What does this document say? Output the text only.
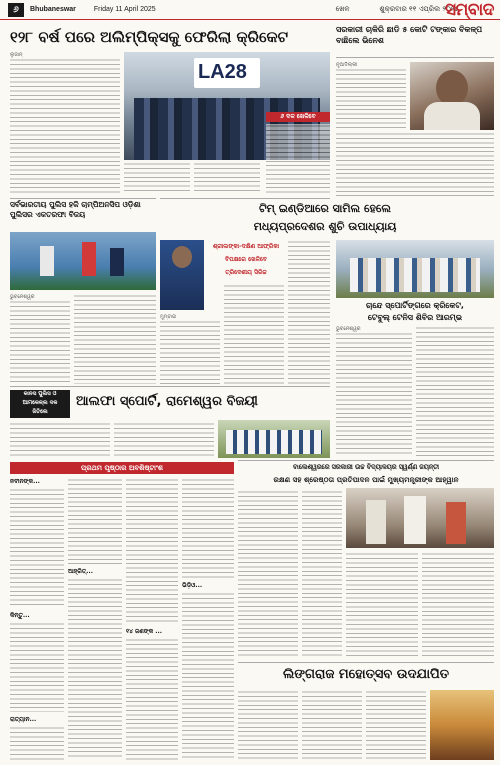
୬	Bhubaneswar	Friday 11 April 2025	ଖେଳ	ଶୁକ୍ରବାର ୧୧ ଏପ୍ରିଲ ୨୦୨୫
ସମ୍ବାଦ
୧୨୮ ବର୍ଷ ପରେ ଅଲିମ୍ପିକ୍ସକୁ ଫେରିଲା କ୍ରିକେଟ
ଲୁଜାନ୍
LA28
୬ ଦଳ ଖେଳିବେ
ସରକାରୀ ଚାକିରି ଛାଡି ୫ କୋଟି ଟଙ୍କାର ବିକଳ୍ପ ବାଛିଲେ ଭିନେଶ
ନୂଆଦିଲ୍ଲୀ
ସର୍ବଭାରତୀୟ ପୁଲିସ ହକି ଚାମ୍ପିଅନସିପ ଓଡ଼ିଶା ପୁଲିସର ଏକତରଫା ବିଜୟ
ଭୁବନେଶ୍ୱର
ଟିମ୍ ଇଣ୍ଡିଆରେ ସାମିଲ ହେଲେ
ମଧ୍ୟପ୍ରଦେଶର ଶୁଚି ଉପାଧ୍ୟାୟ
ଶ୍ରୀଲଙ୍କା-ଦକ୍ଷିଣ ଆଫ୍ରିକା
ବିପକ୍ଷରେ ଖେଳିବେ
ତ୍ରିଦେଶୀୟ ସିରିଜ
ମୁମ୍ବାଇ
ଚାନ୍ଦେ ସ୍ପୋର୍ଟିଙ୍ଗରେ କ୍ରିକେଟ,
ଟେବୁଲ୍ ଟେନିସ ଶିବିର ଆରମ୍ଭ
ଭୁବନେଶ୍ୱର
କାନସ ପୁଲିସ ଓ
ଆମକେଳ୍ଲ ଦଳ
ଜିତିଲେ
ଆଲଫା ସ୍ପୋର୍ଟି, ରାମେଶ୍ୱର ବିଜୟୀ
ପ୍ରଥମ ପୃଷ୍ଠାର ଅବଶିଷ୍ଟାଂଶ
ନବୀନଙ୍କ...
କିନ୍ତୁ...
ରାତ୍ୟାନ...
ଆହ୍ରିତ୍...
୧୪ ଜଣଙ୍କ ...
ଭିଡ଼ିଓ...
ବାଲେଶ୍ୱରରେ ସରକାରୀ ଉଚ୍ଚ ବିଦ୍ୟାଳୟର ସ୍ୱର୍ଣ୍ଣ ଜୟନ୍ତୀ
ରକ୍ଷଣ ସହ ଶ୍ରେଷ୍ଠତା ପ୍ରତିପାଦନ ପାଇଁ ମୁଖ୍ୟମନ୍ତ୍ରୀଙ୍କ ଆହ୍ୱାନ
ଲିଙ୍ଗରାଜ ମହୋତ୍ସବ ଉଦଯାପିତ
